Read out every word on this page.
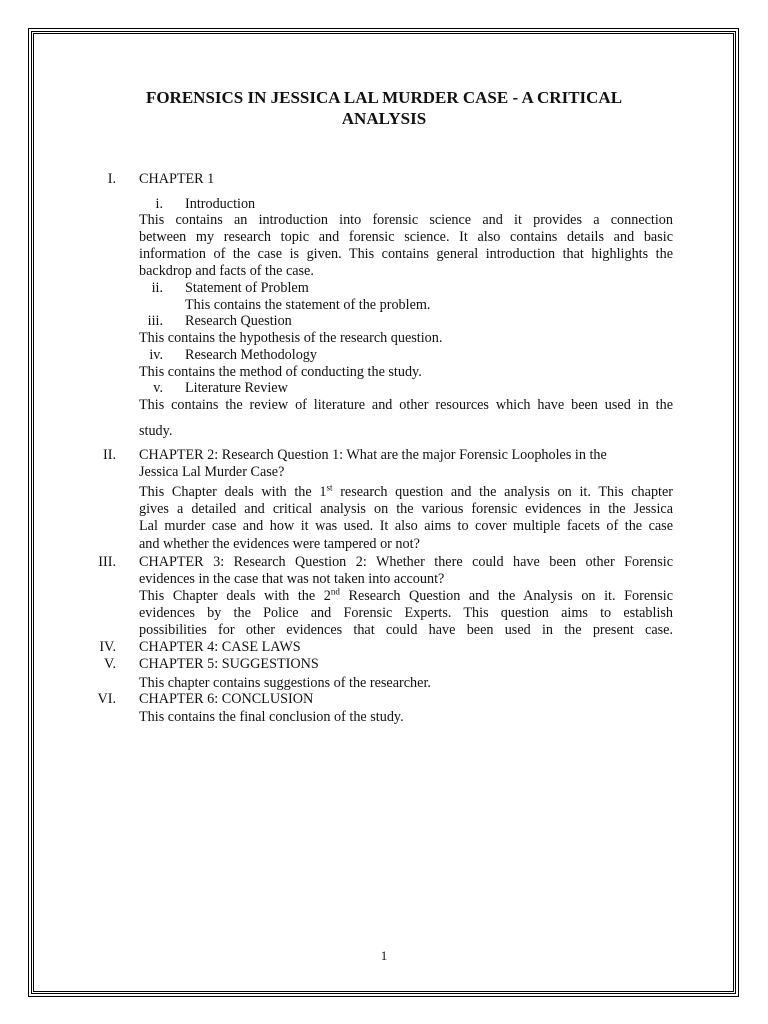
FORENSICS IN JESSICA LAL MURDER CASE - A CRITICAL
ANALYSIS
I. CHAPTER 1
i. Introduction
This contains an introduction into forensic science and it provides a connection
between my research topic and forensic science. It also contains details and basic
information of the case is given. This contains general introduction that highlights the
backdrop and facts of the case.
ii. Statement of Problem
This contains the statement of the problem.
iii. Research Question
This contains the hypothesis of the research question.
iv. Research Methodology
This contains the method of conducting the study.
v. Literature Review
This contains the review of literature and other resources which have been used in the
study.
II. CHAPTER 2: Research Question 1: What are the major Forensic Loopholes in the
Jessica Lal Murder Case?
This Chapter deals with the 1st research question and the analysis on it. This chapter
gives a detailed and critical analysis on the various forensic evidences in the Jessica
Lal murder case and how it was used. It also aims to cover multiple facets of the case
and whether the evidences were tampered or not?
III. CHAPTER 3: Research Question 2: Whether there could have been other Forensic
evidences in the case that was not taken into account?
This Chapter deals with the 2nd Research Question and the Analysis on it. Forensic
evidences by the Police and Forensic Experts. This question aims to establish
possibilities for other evidences that could have been used in the present case.
IV. CHAPTER 4: CASE LAWS
V. CHAPTER 5: SUGGESTIONS
This chapter contains suggestions of the researcher.
VI. CHAPTER 6: CONCLUSION
This contains the final conclusion of the study.
1
